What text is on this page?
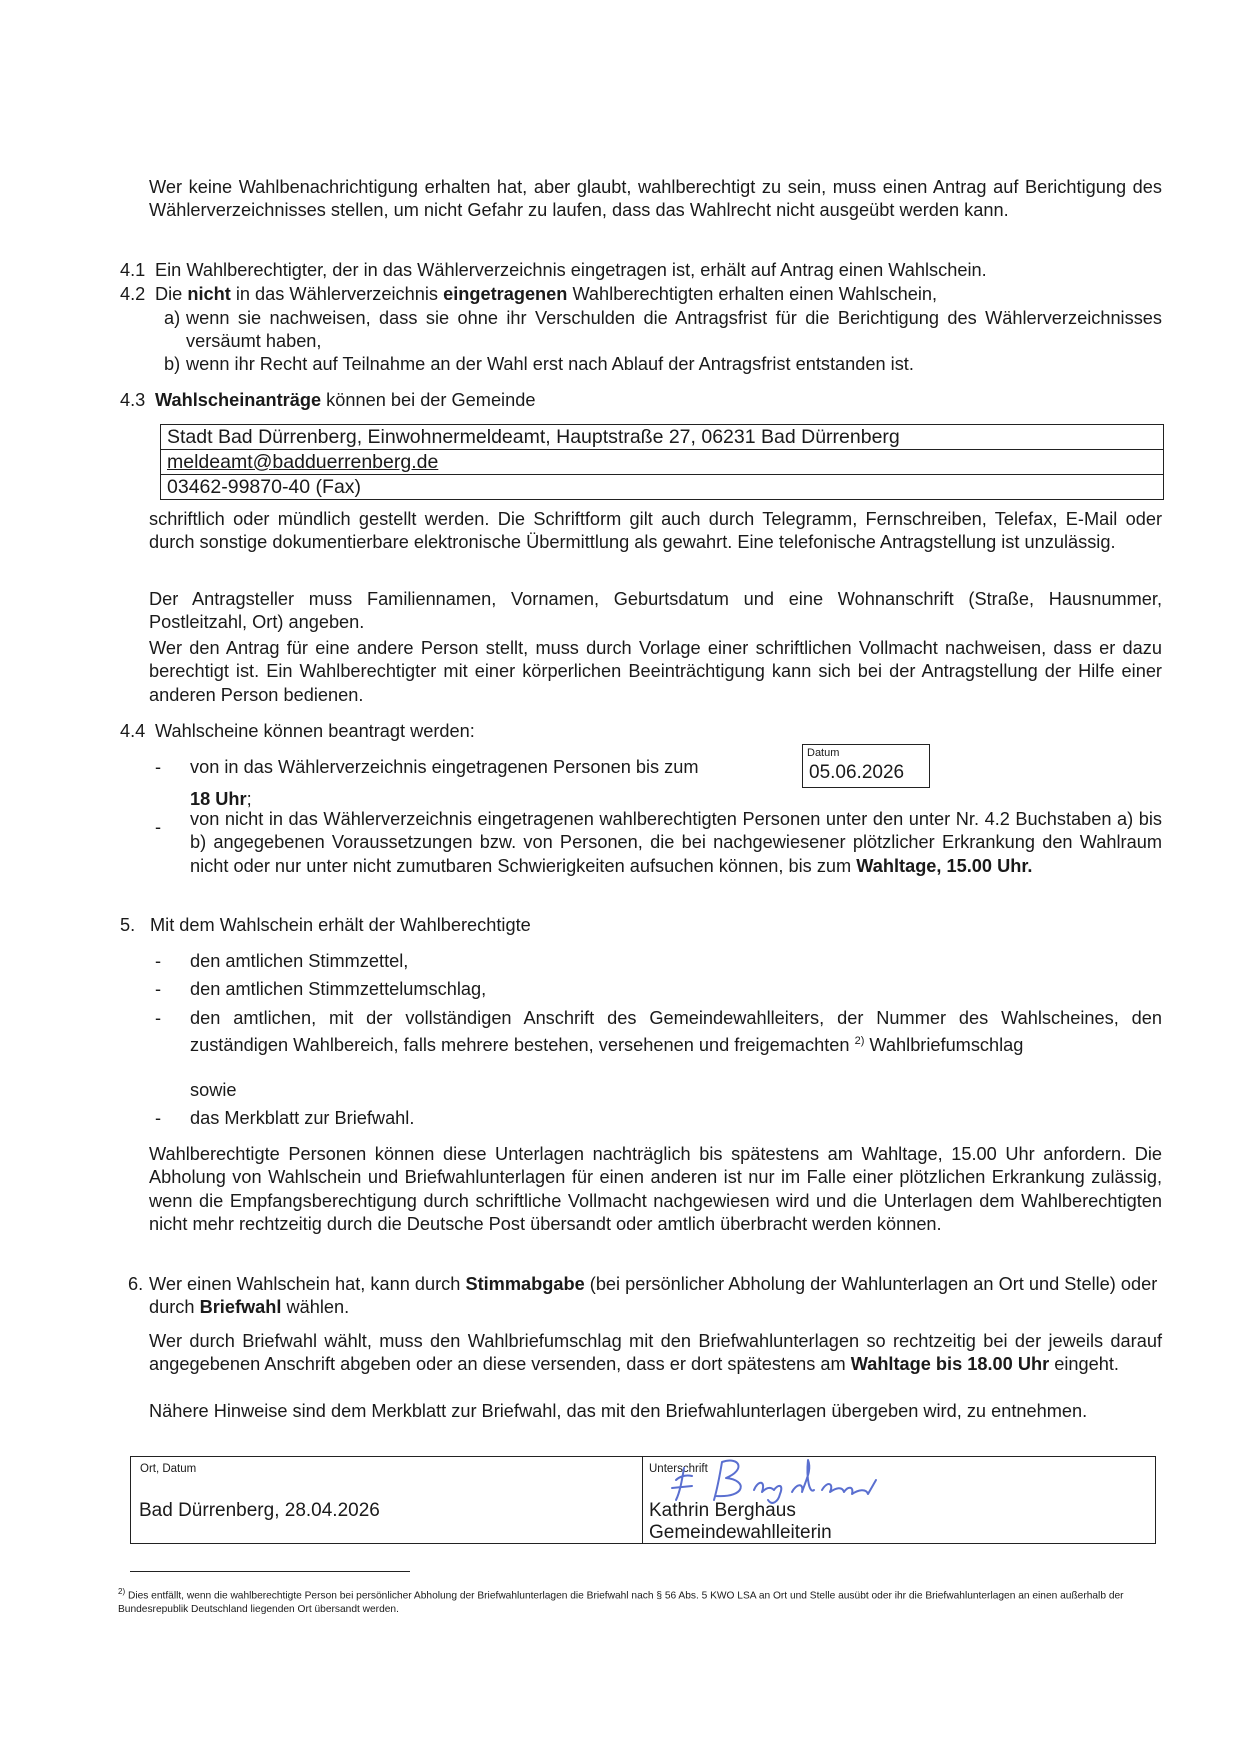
Wer keine Wahlbenachrichtigung erhalten hat, aber glaubt, wahlberechtigt zu sein, muss einen Antrag auf Berichtigung des Wählerverzeichnisses stellen, um nicht Gefahr zu laufen, dass das Wahlrecht nicht ausgeübt werden kann.
4.1 Ein Wahlberechtigter, der in das Wählerverzeichnis eingetragen ist, erhält auf Antrag einen Wahlschein.
4.2 Die nicht in das Wählerverzeichnis eingetragenen Wahlberechtigten erhalten einen Wahlschein,
a) wenn sie nachweisen, dass sie ohne ihr Verschulden die Antragsfrist für die Berichtigung des Wählerverzeichnisses versäumt haben,
b) wenn ihr Recht auf Teilnahme an der Wahl erst nach Ablauf der Antragsfrist entstanden ist.
4.3 Wahlscheinanträge können bei der Gemeinde
Stadt Bad Dürrenberg, Einwohnermeldeamt, Hauptstraße 27, 06231 Bad Dürrenberg
meldeamt@badduerrenberg.de
03462-99870-40 (Fax)
schriftlich oder mündlich gestellt werden. Die Schriftform gilt auch durch Telegramm, Fernschreiben, Telefax, E-Mail oder durch sonstige dokumentierbare elektronische Übermittlung als gewahrt. Eine telefonische Antragstellung ist unzulässig.
Der Antragsteller muss Familiennamen, Vornamen, Geburtsdatum und eine Wohnanschrift (Straße, Hausnummer, Postleitzahl, Ort) angeben.
Wer den Antrag für eine andere Person stellt, muss durch Vorlage einer schriftlichen Vollmacht nachweisen, dass er dazu berechtigt ist. Ein Wahlberechtigter mit einer körperlichen Beeinträchtigung kann sich bei der Antragstellung der Hilfe einer anderen Person bedienen.
4.4 Wahlscheine können beantragt werden:
- von in das Wählerverzeichnis eingetragenen Personen bis zum
Datum
05.06.2026
18 Uhr;
- von nicht in das Wählerverzeichnis eingetragenen wahlberechtigten Personen unter den unter Nr. 4.2 Buchstaben a) bis b) angegebenen Voraussetzungen bzw. von Personen, die bei nachgewiesener plötzlicher Erkrankung den Wahlraum nicht oder nur unter nicht zumutbaren Schwierigkeiten aufsuchen können, bis zum Wahltage, 15.00 Uhr.
5. Mit dem Wahlschein erhält der Wahlberechtigte
- den amtlichen Stimmzettel,
- den amtlichen Stimmzettelumschlag,
- den amtlichen, mit der vollständigen Anschrift des Gemeindewahlleiters, der Nummer des Wahlscheines, den zuständigen Wahlbereich, falls mehrere bestehen, versehenen und freigemachten $^{2)}$ Wahlbriefumschlag
sowie
- das Merkblatt zur Briefwahl.
Wahlberechtigte Personen können diese Unterlagen nachträglich bis spätestens am Wahltage, 15.00 Uhr anfordern. Die Abholung von Wahlschein und Briefwahlunterlagen für einen anderen ist nur im Falle einer plötzlichen Erkrankung zulässig, wenn die Empfangsberechtigung durch schriftliche Vollmacht nachgewiesen wird und die Unterlagen dem Wahlberechtigten nicht mehr rechtzeitig durch die Deutsche Post übersandt oder amtlich überbracht werden können.
6. Wer einen Wahlschein hat, kann durch Stimmabgabe (bei persönlicher Abholung der Wahlunterlagen an Ort und Stelle) oder durch Briefwahl wählen.
Wer durch Briefwahl wählt, muss den Wahlbriefumschlag mit den Briefwahlunterlagen so rechtzeitig bei der jeweils darauf angegebenen Anschrift abgeben oder an diese versenden, dass er dort spätestens am Wahltage bis 18.00 Uhr eingeht.
Nähere Hinweise sind dem Merkblatt zur Briefwahl, das mit den Briefwahlunterlagen übergeben wird, zu entnehmen.
Ort, Datum
Bad Dürrenberg, 28.04.2026
Unterschrift
Kathrin Berghaus
Gemeindewahlleiterin
$^{2)}$ Dies entfällt, wenn die wahlberechtigte Person bei persönlicher Abholung der Briefwahlunterlagen die Briefwahl nach § 56 Abs. 5 KWO LSA an Ort und Stelle ausübt oder ihr die Briefwahlunterlagen an einen außerhalb der Bundesrepublik Deutschland liegenden Ort übersandt werden.
